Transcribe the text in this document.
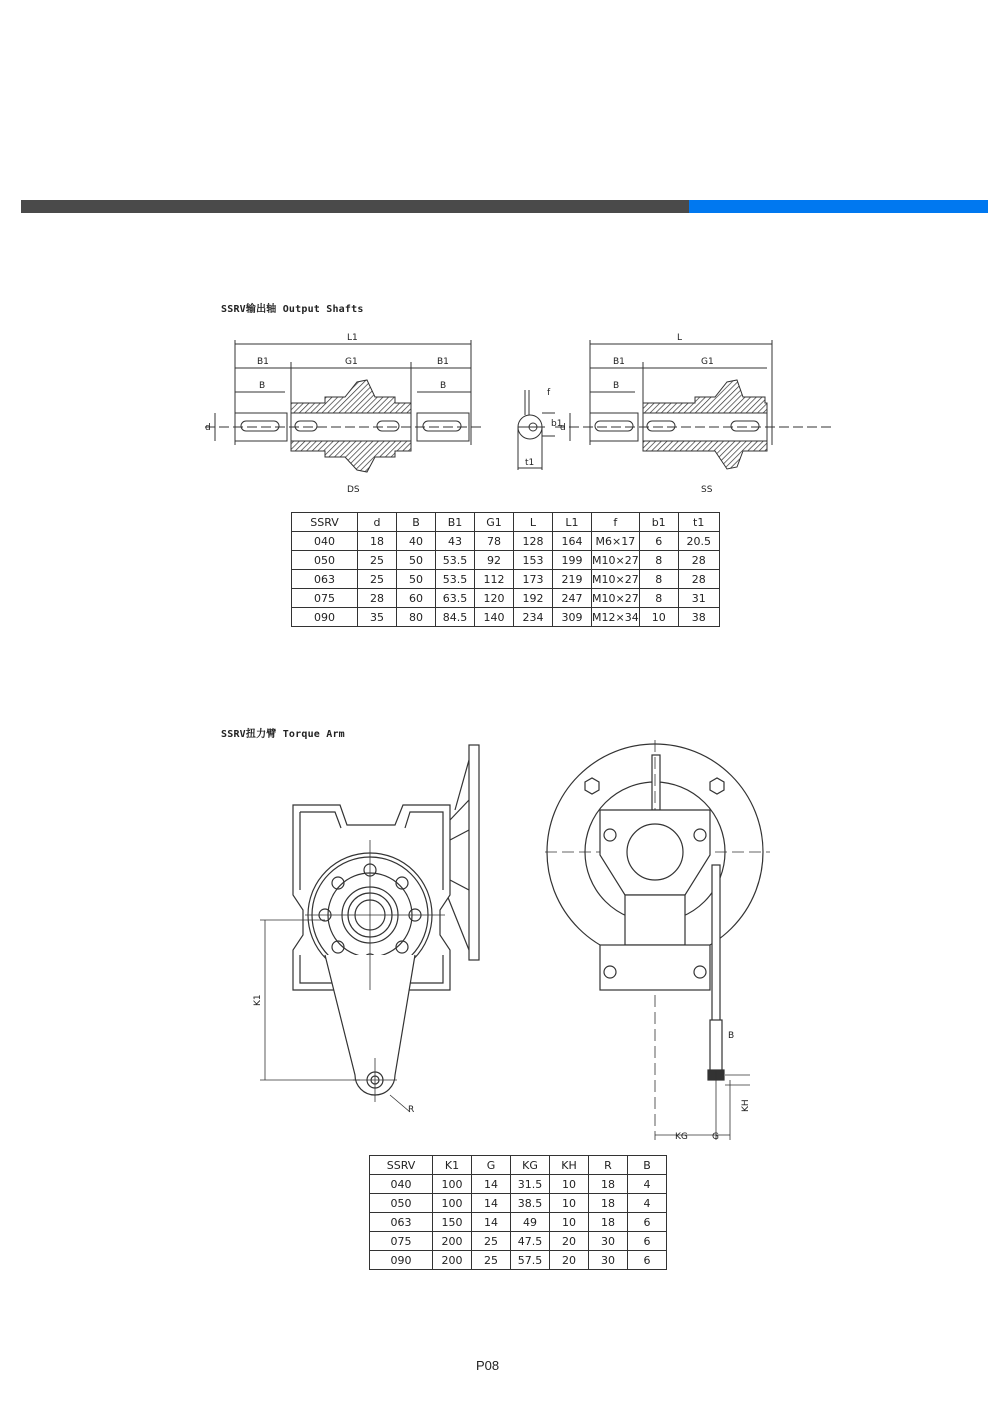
SSRV输出轴 Output Shafts
L1
B1	G1	B1
B	B
d
DS
f
b1
t1
L
B1	G1
B
d
SS
SSRV	d	B	B1	G1	L	L1	f	b1	t1
040	18	40	43	78	128	164	M6×17	6	20.5
050	25	50	53.5	92	153	199	M10×27	8	28
063	25	50	53.5	112	173	219	M10×27	8	28
075	28	60	63.5	120	192	247	M10×27	8	31
090	35	80	84.5	140	234	309	M12×34	10	38
SSRV扭力臂 Torque Arm
K1
R
B
KH
KG	G
SSRV	K1	G	KG	KH	R	B
040	100	14	31.5	10	18	4
050	100	14	38.5	10	18	4
063	150	14	49	10	18	6
075	200	25	47.5	20	30	6
090	200	25	57.5	20	30	6
P08
